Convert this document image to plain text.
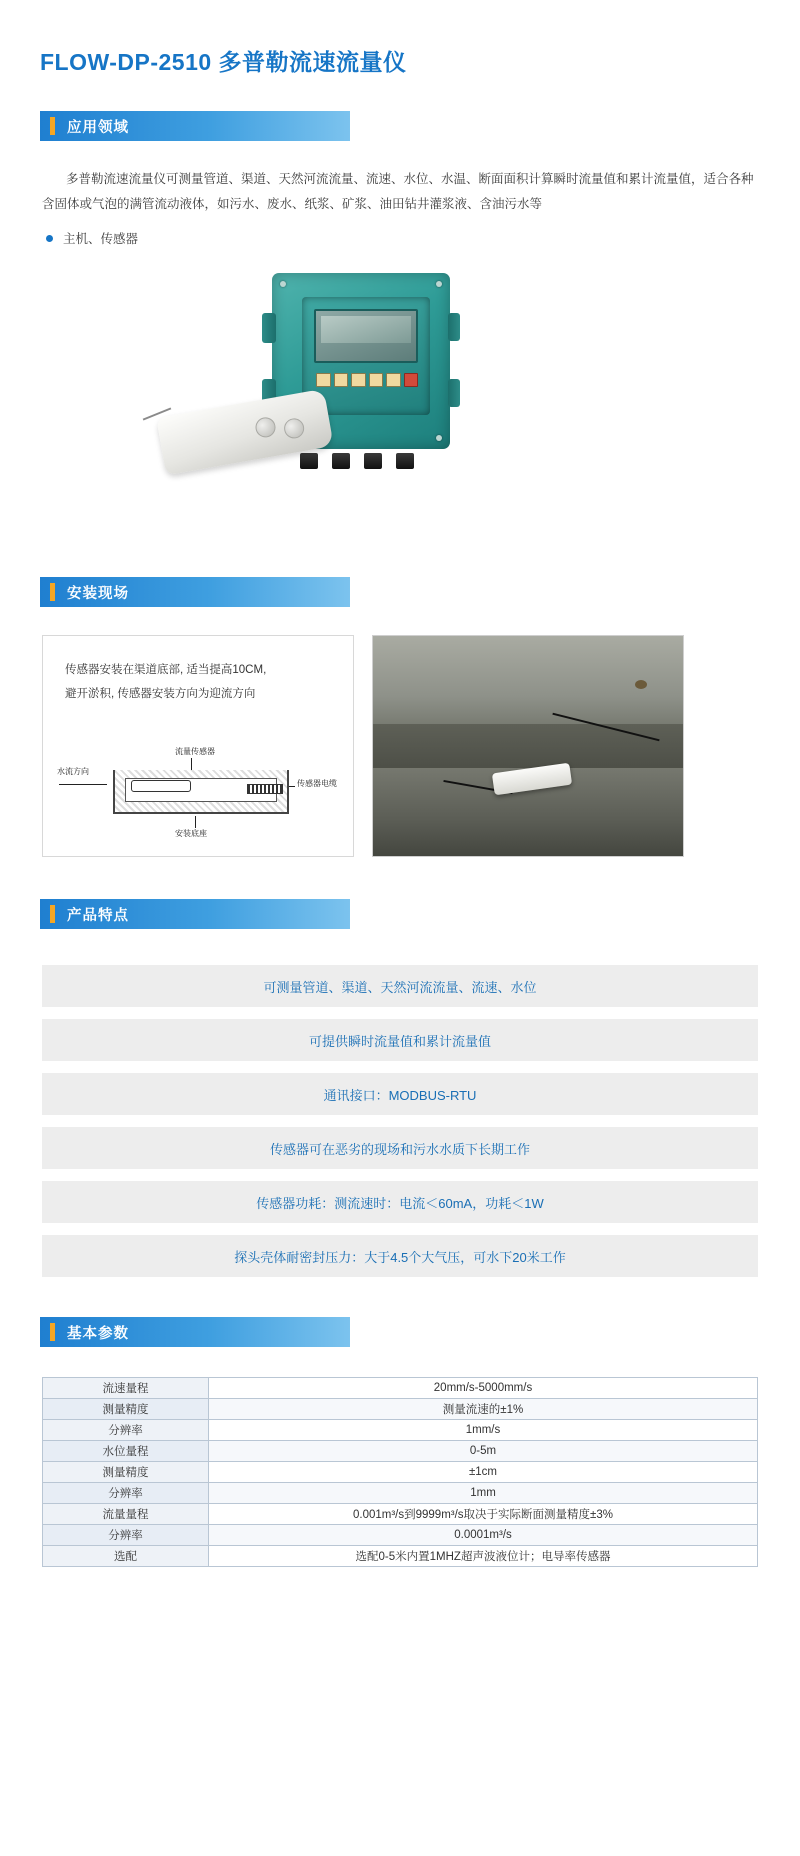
FLOW-DP-2510 多普勒流速流量仪
应用领域
多普勒流速流量仪可测量管道、渠道、天然河流流量、流速、水位、水温、断面面积计算瞬时流量值和累计流量值，适合各种含固体或气泡的满管流动液体，如污水、废水、纸浆、矿浆、油田钻井灌浆液、含油污水等
主机、传感器
安装现场
传感器安装在渠道底部, 适当提高10CM,
避开淤积, 传感器安装方向为迎流方向
水流方向
流量传感器
传感器电缆
安装底座
产品特点
可测量管道、渠道、天然河流流量、流速、水位
可提供瞬时流量值和累计流量值
通讯接口：MODBUS-RTU
传感器可在恶劣的现场和污水水质下长期工作
传感器功耗：测流速时：电流＜60mA，功耗＜1W
探头壳体耐密封压力：大于4.5个大气压，可水下20米工作
基本参数
流速量程	20mm/s-5000mm/s
测量精度	测量流速的±1%
分辨率	1mm/s
水位量程	0-5m
测量精度	±1cm
分辨率	1mm
流量量程	0.001m³/s到9999m³/s取决于实际断面测量精度±3%
分辨率	0.0001m³/s
选配	选配0-5米内置1MHZ超声波液位计；电导率传感器
